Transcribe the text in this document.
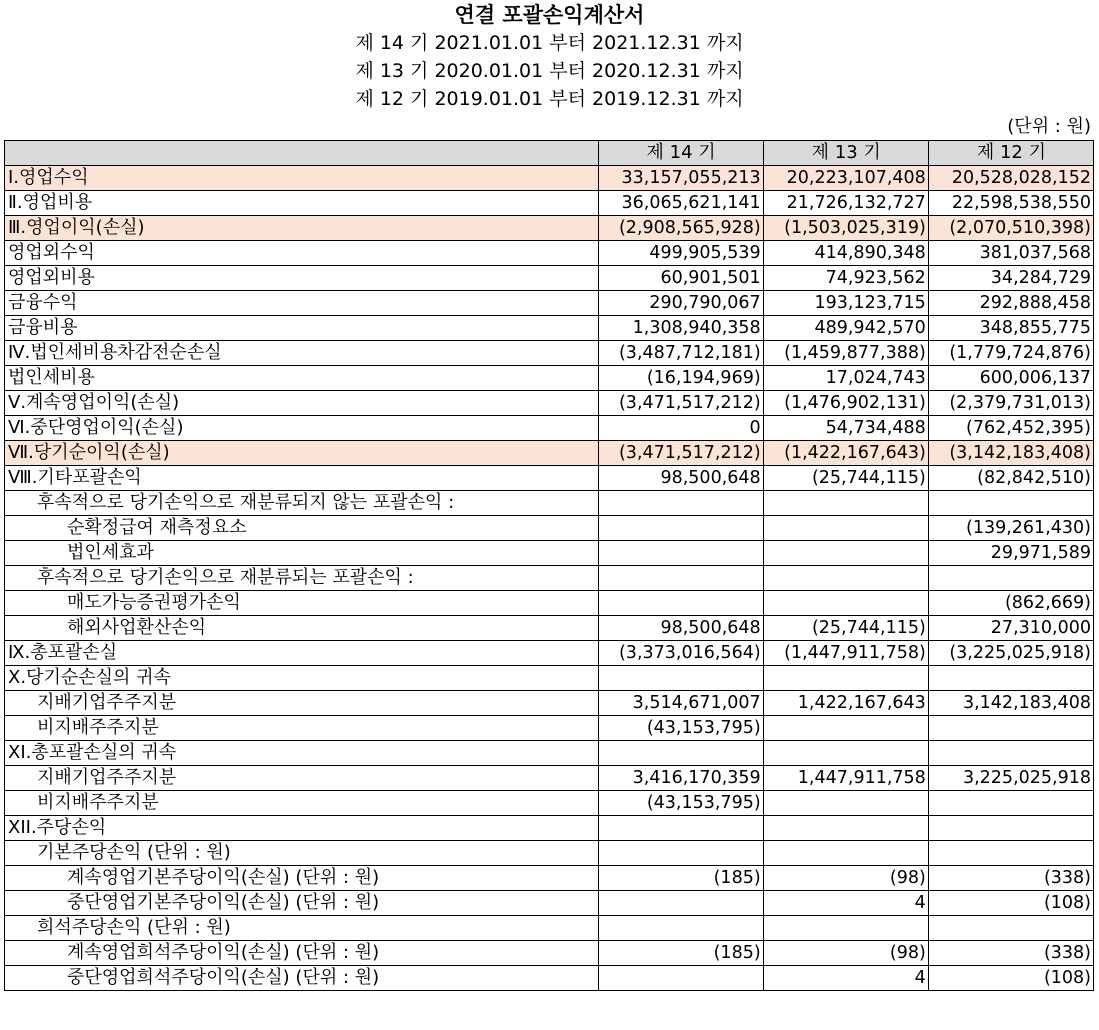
연결 포괄손익계산서
제 14 기 2021.01.01 부터 2021.12.31 까지
제 13 기 2020.01.01 부터 2020.12.31 까지
제 12 기 2019.01.01 부터 2019.12.31 까지
(단위 : 원)
	제 14 기	제 13 기	제 12 기
Ⅰ.영업수익	33,157,055,213	20,223,107,408	20,528,028,152
Ⅱ.영업비용	36,065,621,141	21,726,132,727	22,598,538,550
Ⅲ.영업이익(손실)	(2,908,565,928)	(1,503,025,319)	(2,070,510,398)
영업외수익	499,905,539	414,890,348	381,037,568
영업외비용	60,901,501	74,923,562	34,284,729
금융수익	290,790,067	193,123,715	292,888,458
금융비용	1,308,940,358	489,942,570	348,855,775
Ⅳ.법인세비용차감전순손실	(3,487,712,181)	(1,459,877,388)	(1,779,724,876)
법인세비용	(16,194,969)	17,024,743	600,006,137
Ⅴ.계속영업이익(손실)	(3,471,517,212)	(1,476,902,131)	(2,379,731,013)
Ⅵ.중단영업이익(손실)	0	54,734,488	(762,452,395)
Ⅶ.당기순이익(손실)	(3,471,517,212)	(1,422,167,643)	(3,142,183,408)
Ⅷ.기타포괄손익	98,500,648	(25,744,115)	(82,842,510)
후속적으로 당기손익으로 재분류되지 않는 포괄손익 :			
순확정급여 재측정요소			(139,261,430)
법인세효과			29,971,589
후속적으로 당기손익으로 재분류되는 포괄손익 :			
매도가능증권평가손익			(862,669)
해외사업환산손익	98,500,648	(25,744,115)	27,310,000
Ⅸ.총포괄손실	(3,373,016,564)	(1,447,911,758)	(3,225,025,918)
Ⅹ.당기순손실의 귀속			
지배기업주주지분	3,514,671,007	1,422,167,643	3,142,183,408
비지배주주지분	(43,153,795)		
XI.총포괄손실의 귀속			
지배기업주주지분	3,416,170,359	1,447,911,758	3,225,025,918
비지배주주지분	(43,153,795)		
XII.주당손익			
기본주당손익 (단위 : 원)			
계속영업기본주당이익(손실) (단위 : 원)	(185)	(98)	(338)
중단영업기본주당이익(손실) (단위 : 원)		4	(108)
희석주당손익 (단위 : 원)			
계속영업희석주당이익(손실) (단위 : 원)	(185)	(98)	(338)
중단영업희석주당이익(손실) (단위 : 원)		4	(108)
